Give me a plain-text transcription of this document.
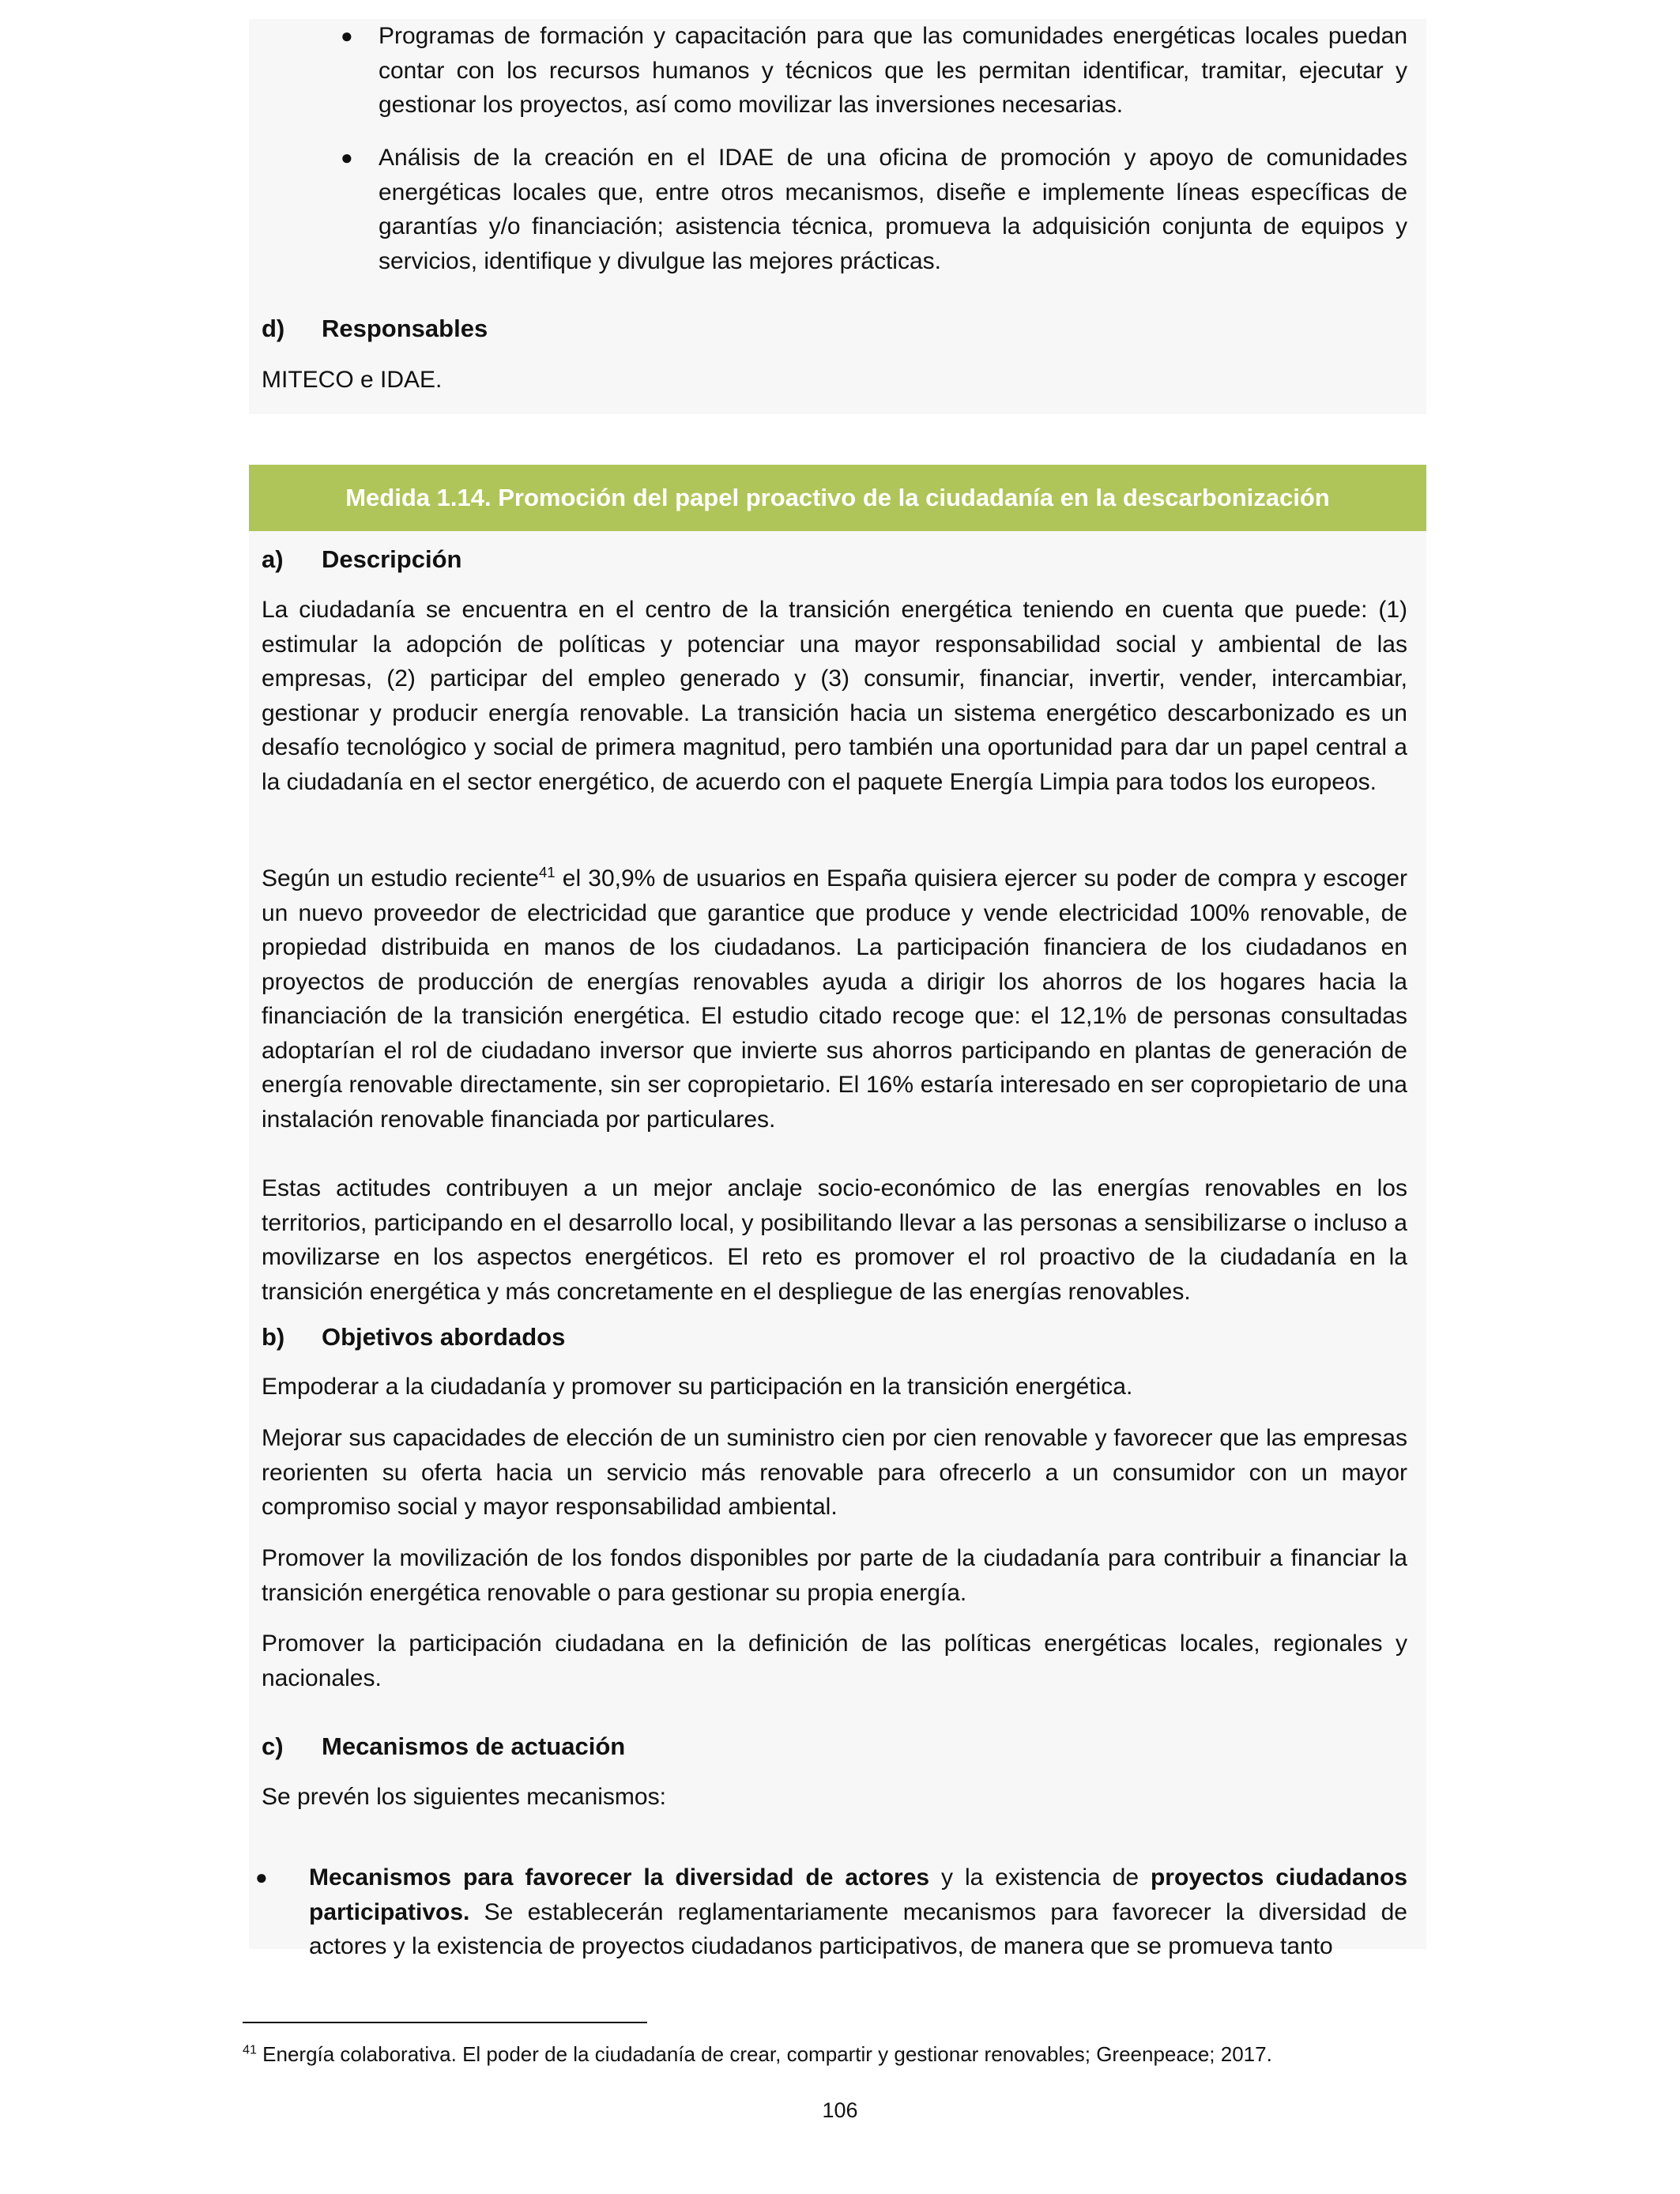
● Programas de formación y capacitación para que las comunidades energéticas locales puedan contar con los recursos humanos y técnicos que les permitan identificar, tramitar, ejecutar y gestionar los proyectos, así como movilizar las inversiones necesarias.
● Análisis de la creación en el IDAE de una oficina de promoción y apoyo de comunidades energéticas locales que, entre otros mecanismos, diseñe e implemente líneas específicas de garantías y/o financiación; asistencia técnica, promueva la adquisición conjunta de equipos y servicios, identifique y divulgue las mejores prácticas.
d) Responsables
MITECO e IDAE.
Medida 1.14. Promoción del papel proactivo de la ciudadanía en la descarbonización
a) Descripción
La ciudadanía se encuentra en el centro de la transición energética teniendo en cuenta que puede: (1) estimular la adopción de políticas y potenciar una mayor responsabilidad social y ambiental de las empresas, (2) participar del empleo generado y (3) consumir, financiar, invertir, vender, intercambiar, gestionar y producir energía renovable. La transición hacia un sistema energético descarbonizado es un desafío tecnológico y social de primera magnitud, pero también una oportunidad para dar un papel central a la ciudadanía en el sector energético, de acuerdo con el paquete Energía Limpia para todos los europeos.
Según un estudio reciente$^{41}$ el 30,9% de usuarios en España quisiera ejercer su poder de compra y escoger un nuevo proveedor de electricidad que garantice que produce y vende electricidad 100% renovable, de propiedad distribuida en manos de los ciudadanos. La participación financiera de los ciudadanos en proyectos de producción de energías renovables ayuda a dirigir los ahorros de los hogares hacia la financiación de la transición energética. El estudio citado recoge que: el 12,1% de personas consultadas adoptarían el rol de ciudadano inversor que invierte sus ahorros participando en plantas de generación de energía renovable directamente, sin ser copropietario. El 16% estaría interesado en ser copropietario de una instalación renovable financiada por particulares.
Estas actitudes contribuyen a un mejor anclaje socio-económico de las energías renovables en los territorios, participando en el desarrollo local, y posibilitando llevar a las personas a sensibilizarse o incluso a movilizarse en los aspectos energéticos. El reto es promover el rol proactivo de la ciudadanía en la transición energética y más concretamente en el despliegue de las energías renovables.
b) Objetivos abordados
Empoderar a la ciudadanía y promover su participación en la transición energética.
Mejorar sus capacidades de elección de un suministro cien por cien renovable y favorecer que las empresas reorienten su oferta hacia un servicio más renovable para ofrecerlo a un consumidor con un mayor compromiso social y mayor responsabilidad ambiental.
Promover la movilización de los fondos disponibles por parte de la ciudadanía para contribuir a financiar la transición energética renovable o para gestionar su propia energía.
Promover la participación ciudadana en la definición de las políticas energéticas locales, regionales y nacionales.
c) Mecanismos de actuación
Se prevén los siguientes mecanismos:
● Mecanismos para favorecer la diversidad de actores y la existencia de proyectos ciudadanos participativos. Se establecerán reglamentariamente mecanismos para favorecer la diversidad de actores y la existencia de proyectos ciudadanos participativos, de manera que se promueva tanto
$^{41}$ Energía colaborativa. El poder de la ciudadanía de crear, compartir y gestionar renovables; Greenpeace; 2017.
106
